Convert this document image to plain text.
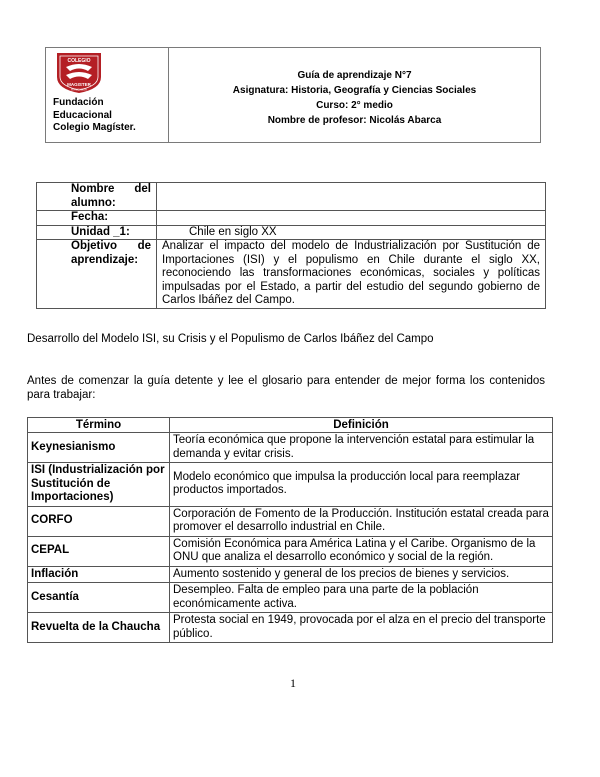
COLEGIO
MAGISTER
RANCAGUA
Fundación
Educacional
Colegio Magíster.
Guía de aprendizaje N°7
Asignatura: Historia, Geografía y Ciencias Sociales
Curso: 2° medio
Nombre de profesor: Nicolás Abarca
Nombre del alumno:	
Fecha:	
Unidad _1:	Chile en siglo XX
Objetivo de aprendizaje:	Analizar el impacto del modelo de Industrialización por Sustitución de Importaciones (ISI) y el populismo en Chile durante el siglo XX, reconociendo las transformaciones económicas, sociales y políticas impulsadas por el Estado, a partir del estudio del segundo gobierno de Carlos Ibáñez del Campo.
Desarrollo del Modelo ISI, su Crisis y el Populismo de Carlos Ibáñez del Campo
Antes de comenzar la guía detente y lee el glosario para entender de mejor forma los contenidos para trabajar:
Término	Definición
Keynesianismo	Teoría económica que propone la intervención estatal para estimular la demanda y evitar crisis.
ISI (Industrialización por Sustitución de Importaciones)	Modelo económico que impulsa la producción local para reemplazar productos importados.
CORFO	Corporación de Fomento de la Producción. Institución estatal creada para promover el desarrollo industrial en Chile.
CEPAL	Comisión Económica para América Latina y el Caribe. Organismo de la ONU que analiza el desarrollo económico y social de la región.
Inflación	Aumento sostenido y general de los precios de bienes y servicios.
Cesantía	Desempleo. Falta de empleo para una parte de la población económicamente activa.
Revuelta de la Chaucha	Protesta social en 1949, provocada por el alza en el precio del transporte público.
1
